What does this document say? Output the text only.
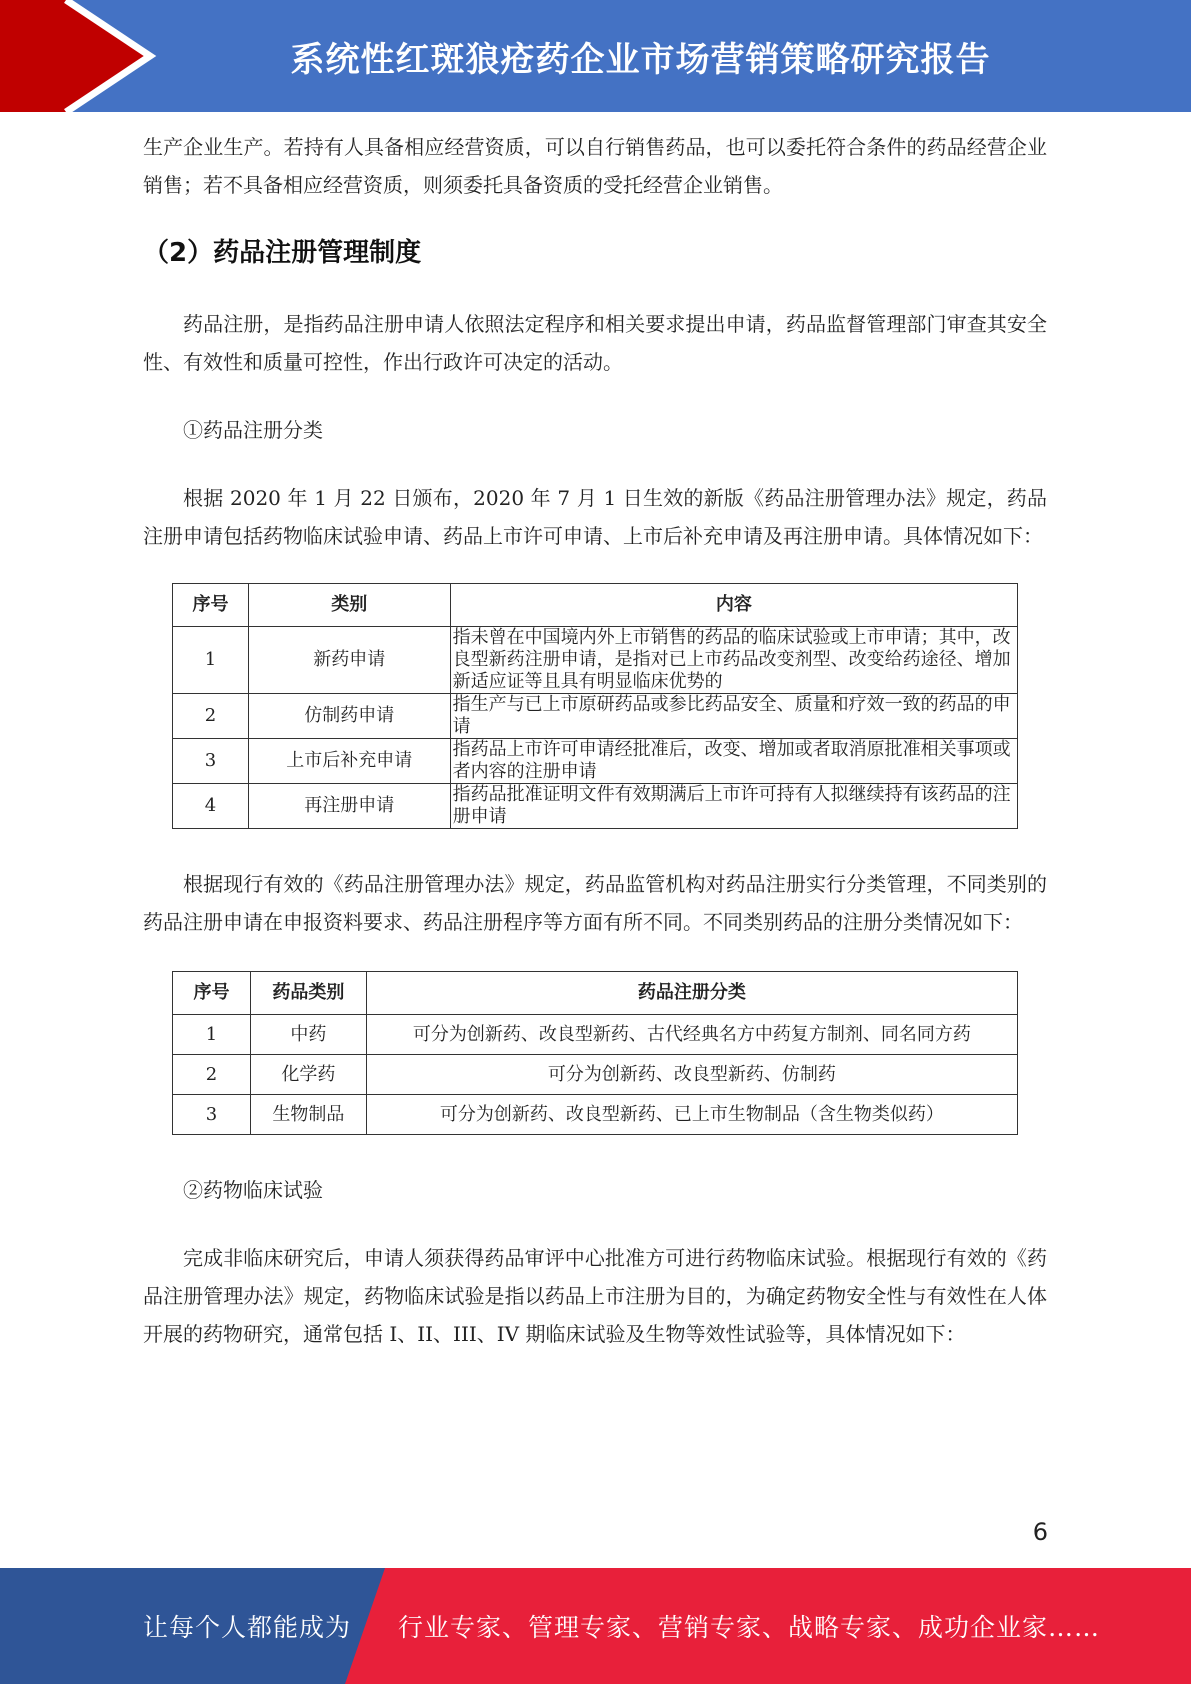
系统性红斑狼疮药企业市场营销策略研究报告

生产企业生产。若持有人具备相应经营资质，可以自行销售药品，也可以委托符合条件的药品经营企业销售；若不具备相应经营资质，则须委托具备资质的受托经营企业销售。

（2）药品注册管理制度

药品注册，是指药品注册申请人依照法定程序和相关要求提出申请，药品监督管理部门审查其安全性、有效性和质量可控性，作出行政许可决定的活动。

①药品注册分类

根据 2020 年 1 月 22 日颁布，2020 年 7 月 1 日生效的新版《药品注册管理办法》规定，药品注册申请包括药物临床试验申请、药品上市许可申请、上市后补充申请及再注册申请。具体情况如下：

序号	类别	内容
1	新药申请	指未曾在中国境内外上市销售的药品的临床试验或上市申请；其中，改良型新药注册申请，是指对已上市药品改变剂型、改变给药途径、增加新适应证等且具有明显临床优势的
2	仿制药申请	指生产与已上市原研药品或参比药品安全、质量和疗效一致的药品的申请
3	上市后补充申请	指药品上市许可申请经批准后，改变、增加或者取消原批准相关事项或者内容的注册申请
4	再注册申请	指药品批准证明文件有效期满后上市许可持有人拟继续持有该药品的注册申请

根据现行有效的《药品注册管理办法》规定，药品监管机构对药品注册实行分类管理，不同类别的药品注册申请在申报资料要求、药品注册程序等方面有所不同。不同类别药品的注册分类情况如下：

序号	药品类别	药品注册分类
1	中药	可分为创新药、改良型新药、古代经典名方中药复方制剂、同名同方药
2	化学药	可分为创新药、改良型新药、仿制药
3	生物制品	可分为创新药、改良型新药、已上市生物制品（含生物类似药）

②药物临床试验

完成非临床研究后，申请人须获得药品审评中心批准方可进行药物临床试验。根据现行有效的《药品注册管理办法》规定，药物临床试验是指以药品上市注册为目的，为确定药物安全性与有效性在人体开展的药物研究，通常包括 I、II、III、IV 期临床试验及生物等效性试验等，具体情况如下：

6
让每个人都能成为 行业专家、管理专家、营销专家、战略专家、成功企业家……
